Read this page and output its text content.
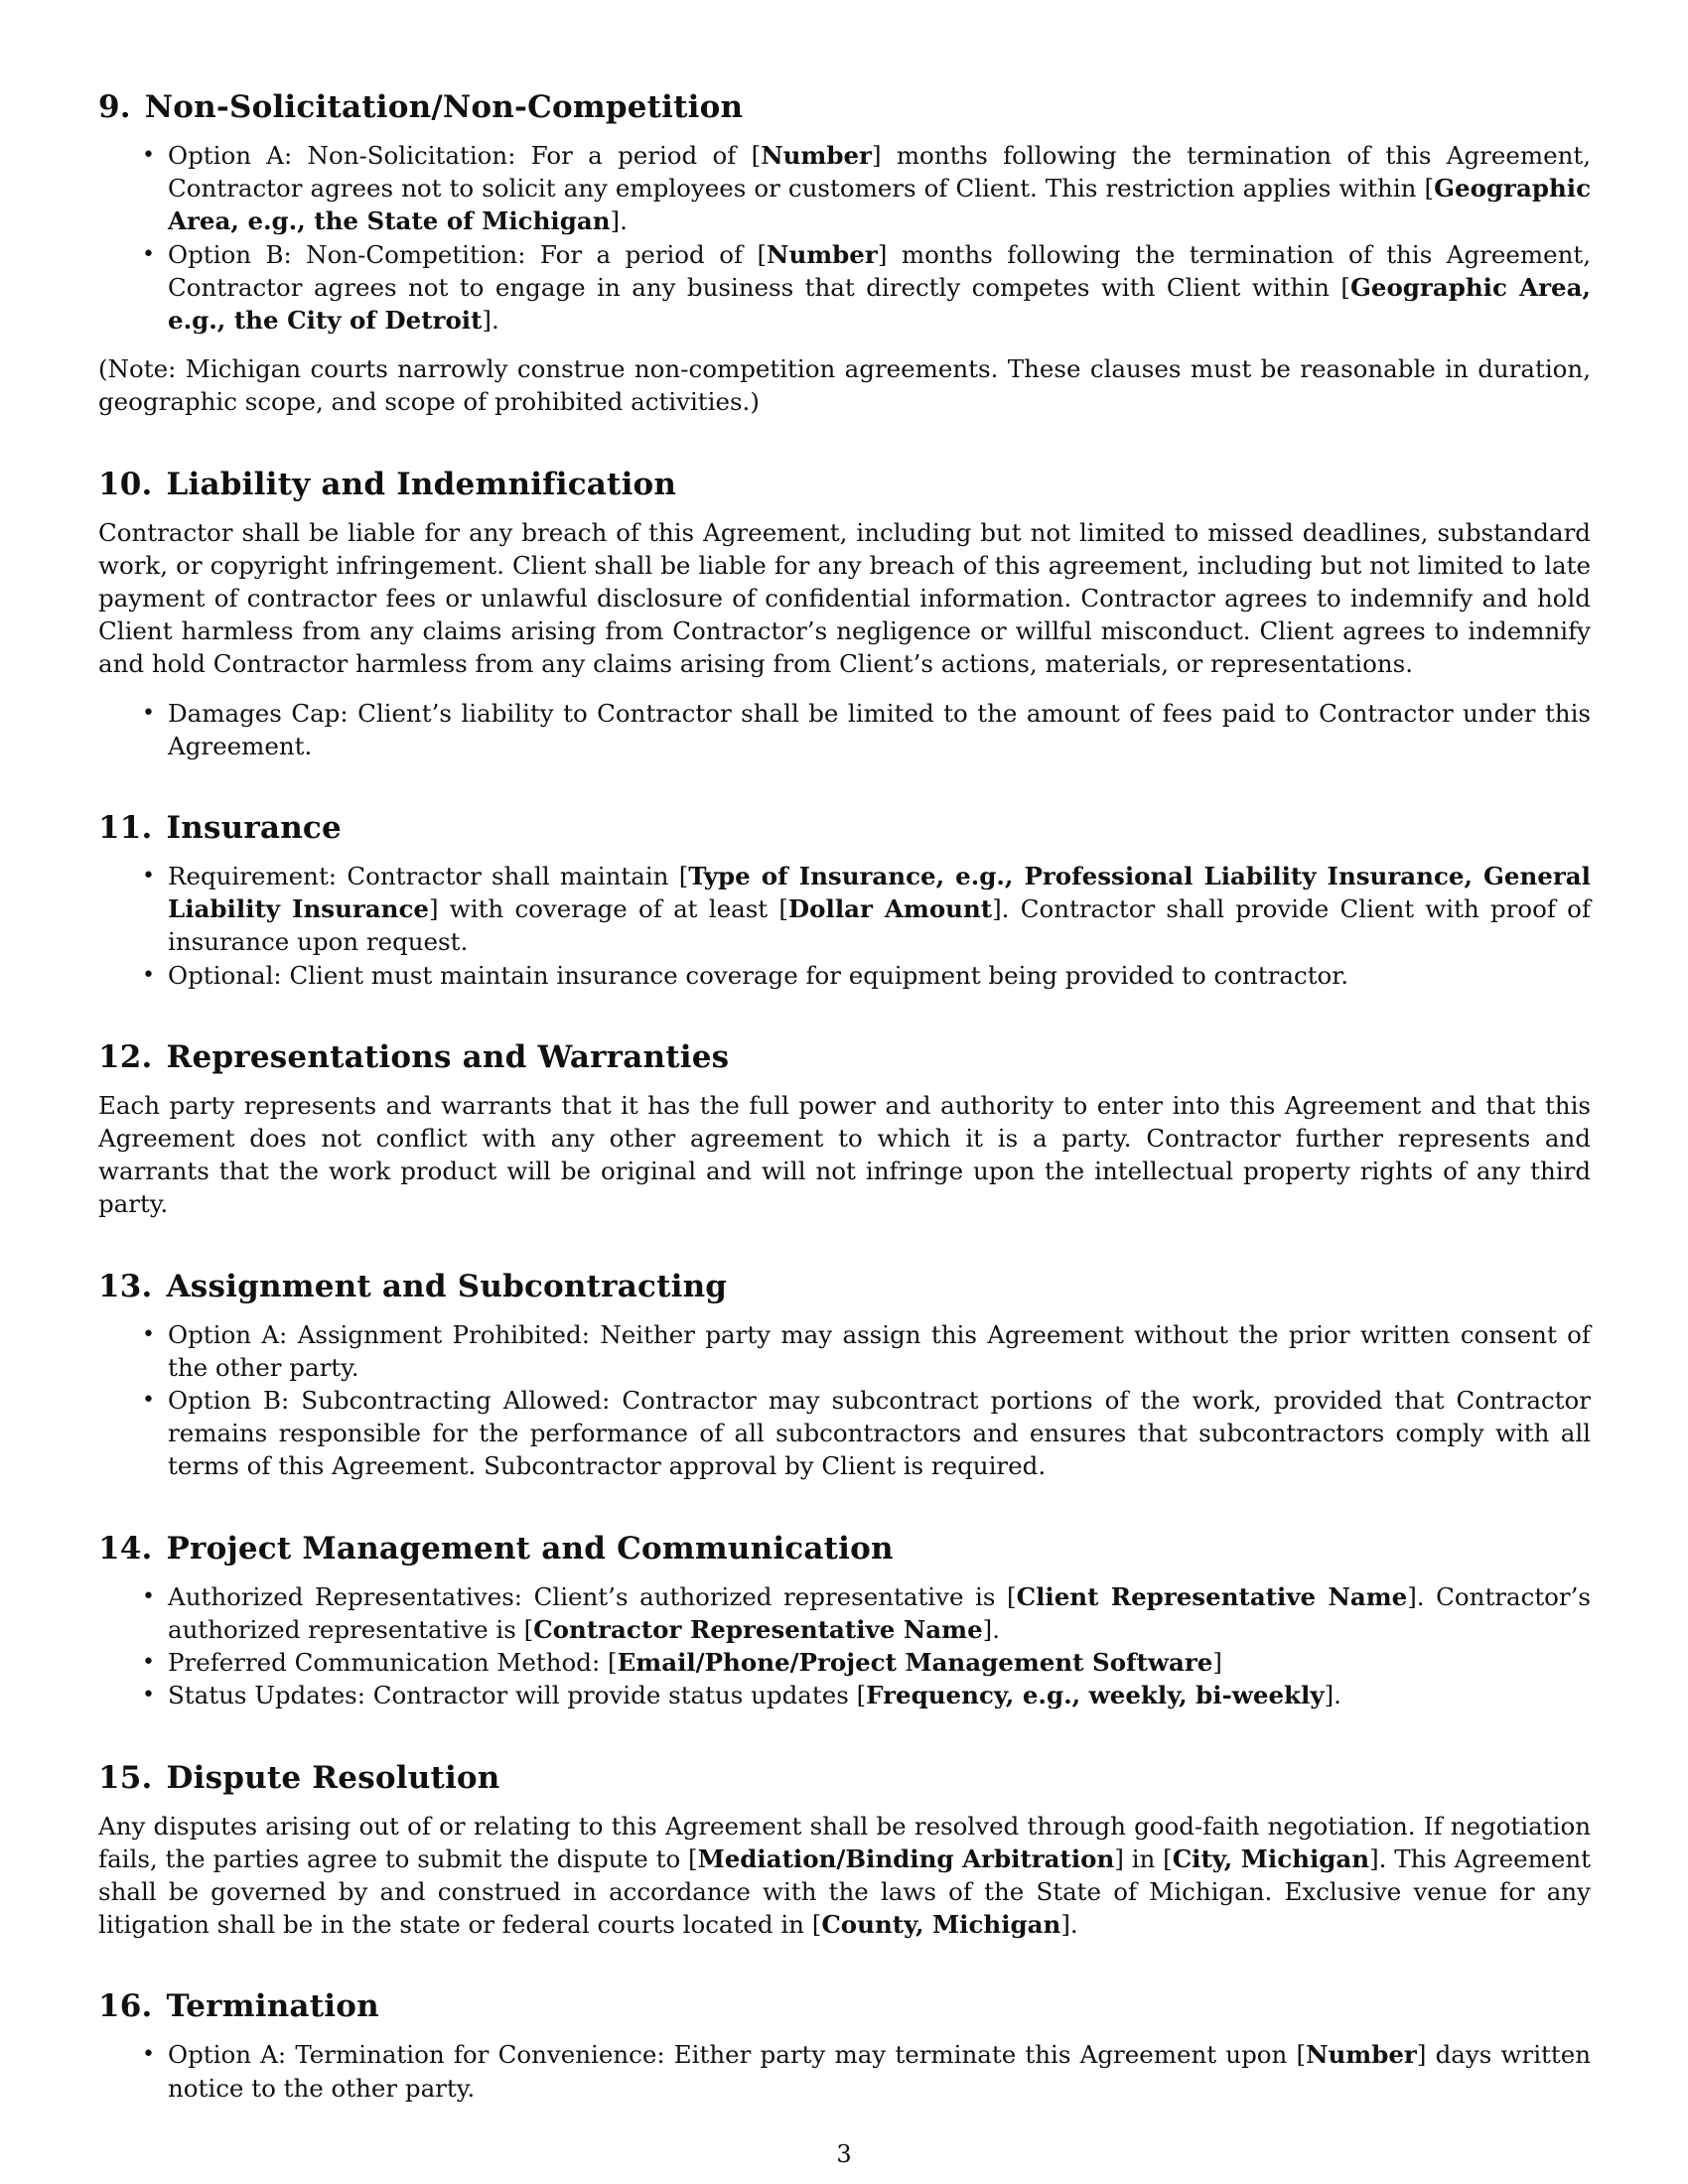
9. Non-Solicitation/Non-Competition
• Option A: Non-Solicitation: For a period of [Number] months following the termination of this Agreement, Contractor agrees not to solicit any employees or customers of Client. This restriction applies within [Geographic Area, e.g., the State of Michigan].
• Option B: Non-Competition: For a period of [Number] months following the termination of this Agreement, Contractor agrees not to engage in any business that directly competes with Client within [Geographic Area, e.g., the City of Detroit].

(Note: Michigan courts narrowly construe non-competition agreements. These clauses must be reasonable in duration, geographic scope, and scope of prohibited activities.)

10. Liability and Indemnification

Contractor shall be liable for any breach of this Agreement, including but not limited to missed deadlines, substandard work, or copyright infringement. Client shall be liable for any breach of this agreement, including but not limited to late payment of contractor fees or unlawful disclosure of confidential information. Contractor agrees to indemnify and hold Client harmless from any claims arising from Contractor’s negligence or willful misconduct. Client agrees to indemnify and hold Contractor harmless from any claims arising from Client’s actions, materials, or representations.

• Damages Cap: Client’s liability to Contractor shall be limited to the amount of fees paid to Contractor under this Agreement.
11. Insurance
• Requirement: Contractor shall maintain [Type of Insurance, e.g., Professional Liability Insurance, General Liability Insurance] with coverage of at least [Dollar Amount]. Contractor shall provide Client with proof of insurance upon request.
• Optional: Client must maintain insurance coverage for equipment being provided to contractor.
12. Representations and Warranties

Each party represents and warrants that it has the full power and authority to enter into this Agreement and that this Agreement does not conflict with any other agreement to which it is a party. Contractor further represents and warrants that the work product will be original and will not infringe upon the intellectual property rights of any third party.

13. Assignment and Subcontracting
• Option A: Assignment Prohibited: Neither party may assign this Agreement without the prior written consent of the other party.
• Option B: Subcontracting Allowed: Contractor may subcontract portions of the work, provided that Contractor remains responsible for the performance of all subcontractors and ensures that subcontractors comply with all terms of this Agreement. Subcontractor approval by Client is required.
14. Project Management and Communication
• Authorized Representatives: Client’s authorized representative is [Client Representative Name]. Contractor’s authorized representative is [Contractor Representative Name].
• Preferred Communication Method: [Email/Phone/Project Management Software]
• Status Updates: Contractor will provide status updates [Frequency, e.g., weekly, bi-weekly].
15. Dispute Resolution

Any disputes arising out of or relating to this Agreement shall be resolved through good-faith negotiation. If negotiation fails, the parties agree to submit the dispute to [Mediation/Binding Arbitration] in [City, Michigan]. This Agreement shall be governed by and construed in accordance with the laws of the State of Michigan. Exclusive venue for any litigation shall be in the state or federal courts located in [County, Michigan].

16. Termination
• Option A: Termination for Convenience: Either party may terminate this Agreement upon [Number] days written notice to the other party.
3
